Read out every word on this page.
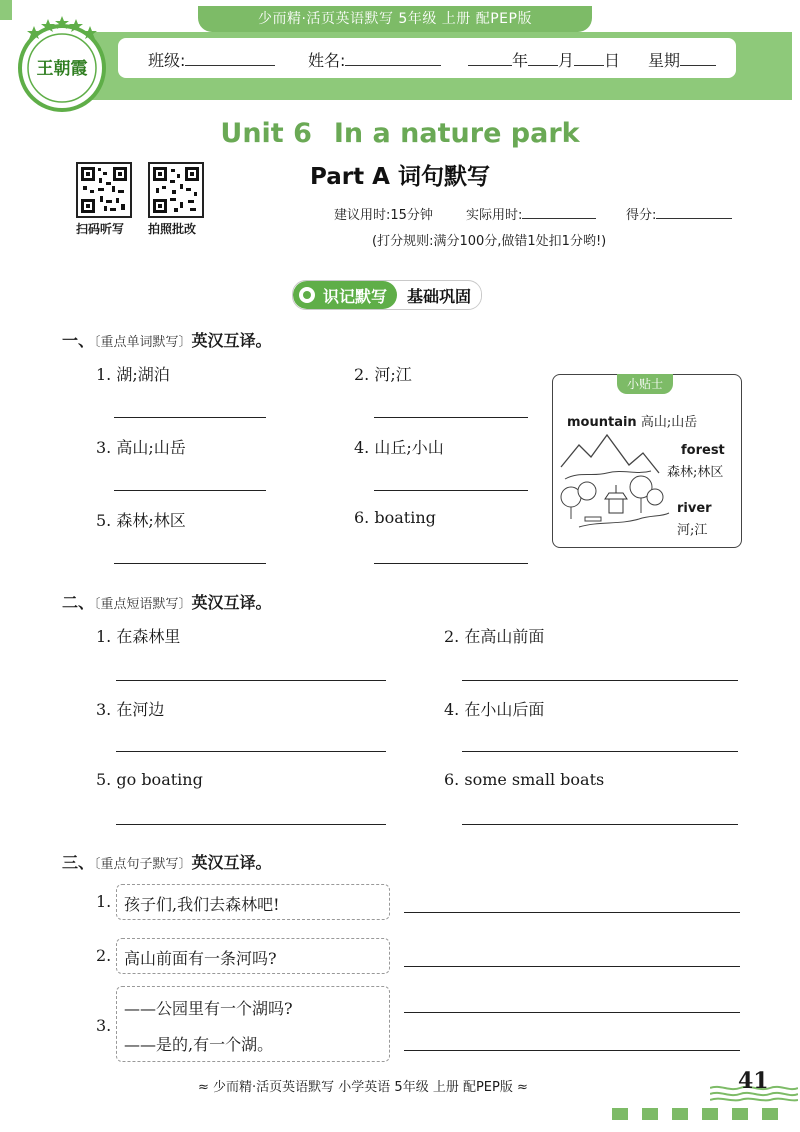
少而精·活页英语默写 5年级 上册 配PEP版
班级:	姓名:	年 月 日 星期
王朝霞
Unit 6 In a nature park
Part A 词句默写
扫码听写 拍照批改
建议用时:15分钟	实际用时:	得分:
(打分规则:满分100分,做错1处扣1分哟!)
识记默写	基础巩固
一、〔重点单词默写〕英汉互译。
1. 湖;湖泊	2. 河;江
3. 高山;山岳	4. 山丘;小山
5. 森林;林区	6. boating
小贴士
mountain 高山;山岳
forest
森林;林区
river
河;江
二、〔重点短语默写〕英汉互译。
1. 在森林里	2. 在高山前面
3. 在河边	4. 在小山后面
5. go boating	6. some small boats
三、〔重点句子默写〕英汉互译。
1. 孩子们,我们去森林吧!
2. 高山前面有一条河吗?
3.
——公园里有一个湖吗?
——是的,有一个湖。
≈ 少而精·活页英语默写 小学英语 5年级 上册 配PEP版 ≈	41
